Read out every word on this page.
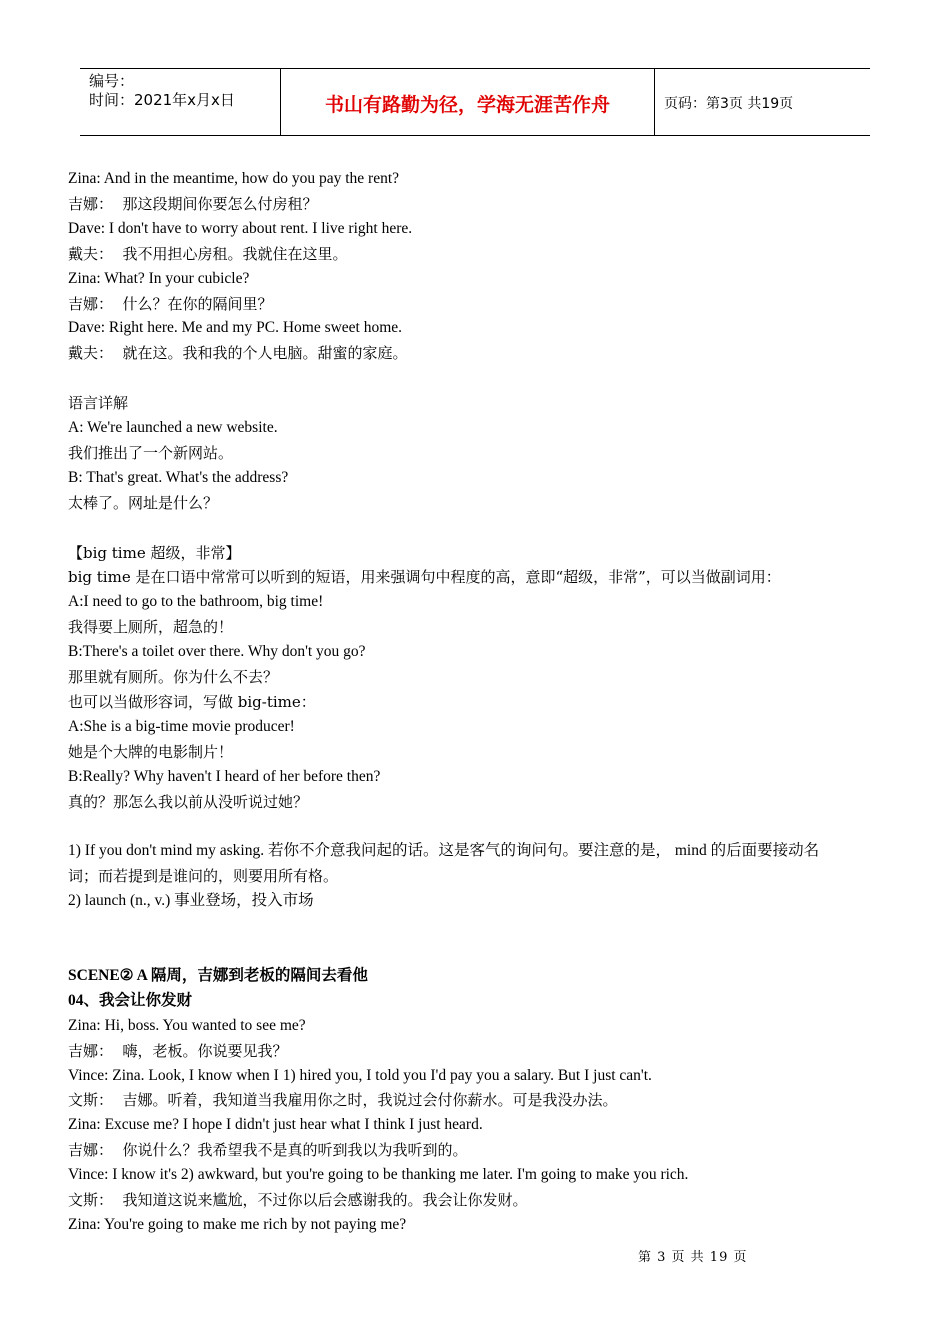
编号：
时间：2021年x月x日	书山有路勤为径，学海无涯苦作舟	页码：第3页 共19页
Zina: And in the meantime, how do you pay the rent?
吉娜：  那这段期间你要怎么付房租？
Dave: I don't have to worry about rent. I live right here.
戴夫：  我不用担心房租。我就住在这里。
Zina: What? In your cubicle?
吉娜：  什么？在你的隔间里？
Dave: Right here. Me and my PC. Home sweet home.
戴夫：  就在这。我和我的个人电脑。甜蜜的家庭。
语言详解
A: We're launched a new website.
我们推出了一个新网站。
B: That's great. What's the address?
太棒了。网址是什么？
【big time 超级，非常】
big time 是在口语中常常可以听到的短语，用来强调句中程度的高，意即“超级，非常”，可以当做副词用：
A:I need to go to the bathroom, big time!
我得要上厕所，超急的！
B:There's a toilet over there. Why don't you go?
那里就有厕所。你为什么不去？
也可以当做形容词，写做 big-time：
A:She is a big-time movie producer!
她是个大牌的电影制片！
B:Really? Why haven't I heard of her before then?
真的？那怎么我以前从没听说过她？
1) If you don't mind my asking. 若你不介意我问起的话。这是客气的询问句。要注意的是， mind 的后面要接动名
词；而若提到是谁问的，则要用所有格。
2) launch (n., v.) 事业登场，投入市场
SCENE② A 隔周，吉娜到老板的隔间去看他
04、我会让你发财
Zina: Hi, boss. You wanted to see me?
吉娜：  嗨，老板。你说要见我？
Vince: Zina. Look, I know when I 1) hired you, I told you I'd pay you a salary. But I just can't.
文斯：  吉娜。听着，我知道当我雇用你之时，我说过会付你薪水。可是我没办法。
Zina: Excuse me? I hope I didn't just hear what I think I just heard.
吉娜：  你说什么？我希望我不是真的听到我以为我听到的。
Vince: I know it's 2) awkward, but you're going to be thanking me later. I'm going to make you rich.
文斯：  我知道这说来尴尬，不过你以后会感谢我的。我会让你发财。
Zina: You're going to make me rich by not paying me?
第 3 页 共 19 页
